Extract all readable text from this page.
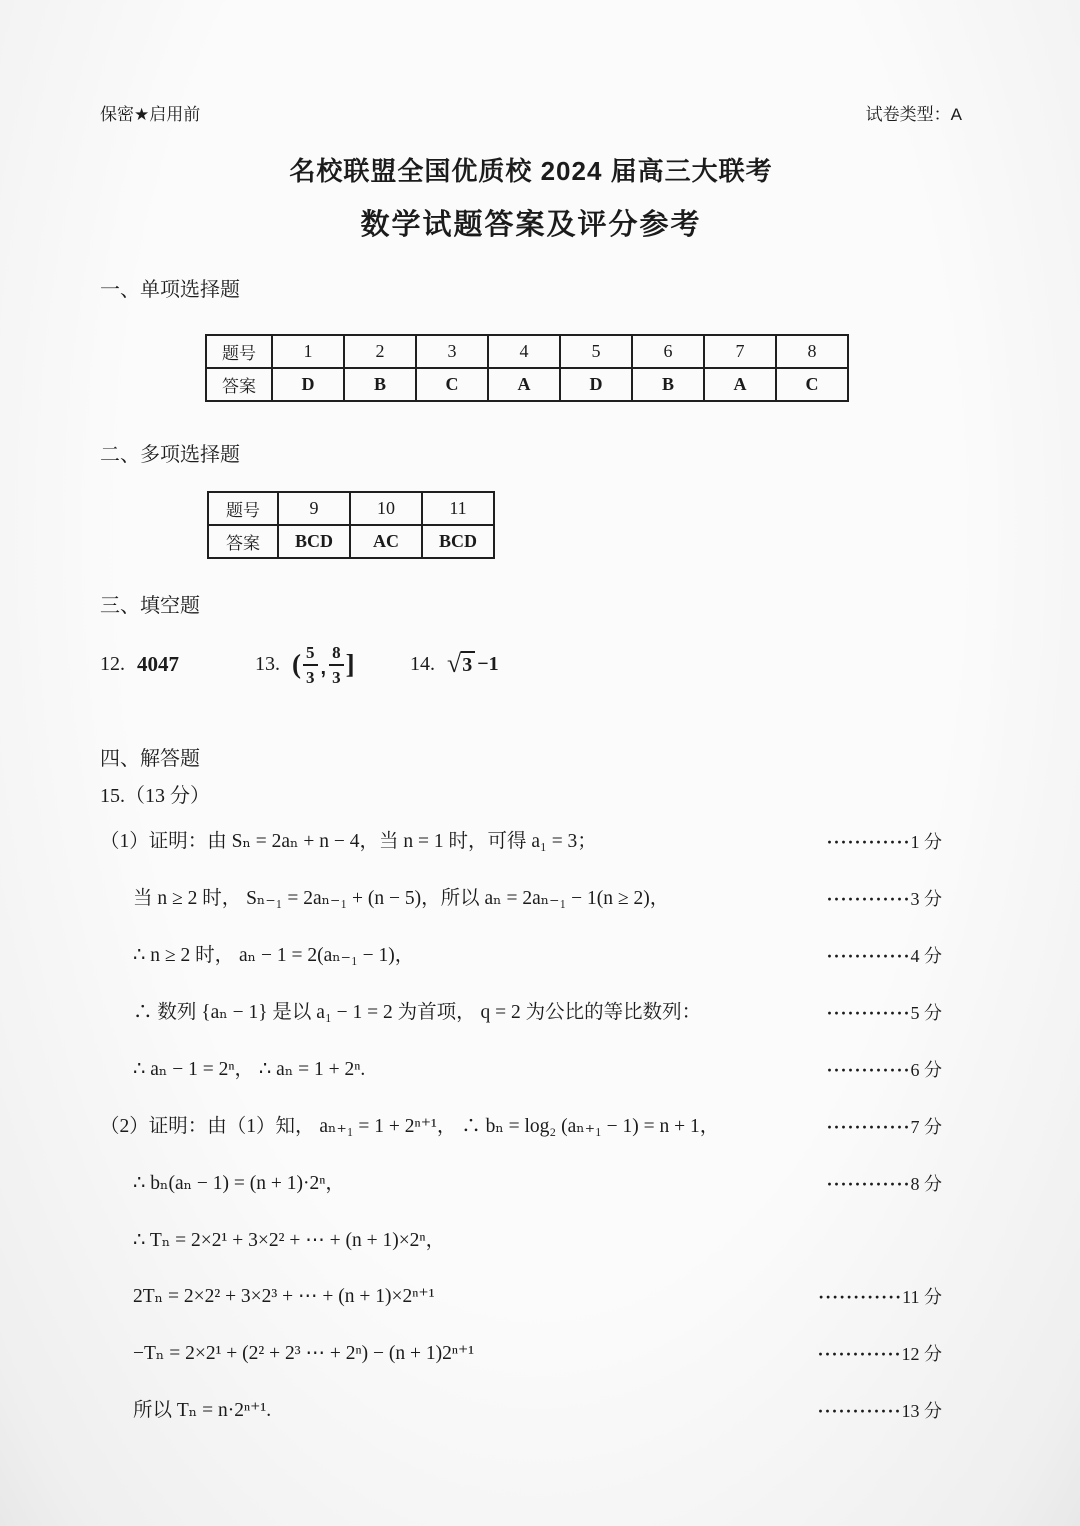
保密★启用前	试卷类型：A
名校联盟全国优质校 2024 届高三大联考
数学试题答案及评分参考
一、单项选择题
题号	1	2	3	4	5	6	7	8
答案	D	B	C	A	D	B	A	C
二、多项选择题
题号	9	10	11
答案	BCD	AC	BCD
三、填空题
12. 4047	13. ( $\frac{5}{3}$ , $\frac{8}{3}$ ]	14. √ 3 −1
四、解答题
15.（13 分）
（1）证明：由 Sₙ = 2aₙ + n − 4，当 n = 1 时，可得 a₁ = 3；	············1 分
当 n ≥ 2 时， Sₙ₋₁ = 2aₙ₋₁ + (n − 5)，所以 aₙ = 2aₙ₋₁ − 1(n ≥ 2)，	············3 分
∴ n ≥ 2 时， aₙ − 1 = 2(aₙ₋₁ − 1)，	············4 分
∴ 数列 {aₙ − 1} 是以 a₁ − 1 = 2 为首项， q = 2 为公比的等比数列：	············5 分
∴ aₙ − 1 = 2ⁿ， ∴ aₙ = 1 + 2ⁿ.	············6 分
（2）证明：由（1）知， aₙ₊₁ = 1 + 2ⁿ⁺¹， ∴ bₙ = log₂ (aₙ₊₁ − 1) = n + 1，	············7 分
∴ bₙ(aₙ − 1) = (n + 1)·2ⁿ，	············8 分
∴ Tₙ = 2×2¹ + 3×2² + ⋯ + (n + 1)×2ⁿ，
2Tₙ = 2×2² + 3×2³ + ⋯ + (n + 1)×2ⁿ⁺¹	············11 分
−Tₙ = 2×2¹ + (2² + 2³ ⋯ + 2ⁿ) − (n + 1)2ⁿ⁺¹	············12 分
所以 Tₙ = n·2ⁿ⁺¹.	············13 分
